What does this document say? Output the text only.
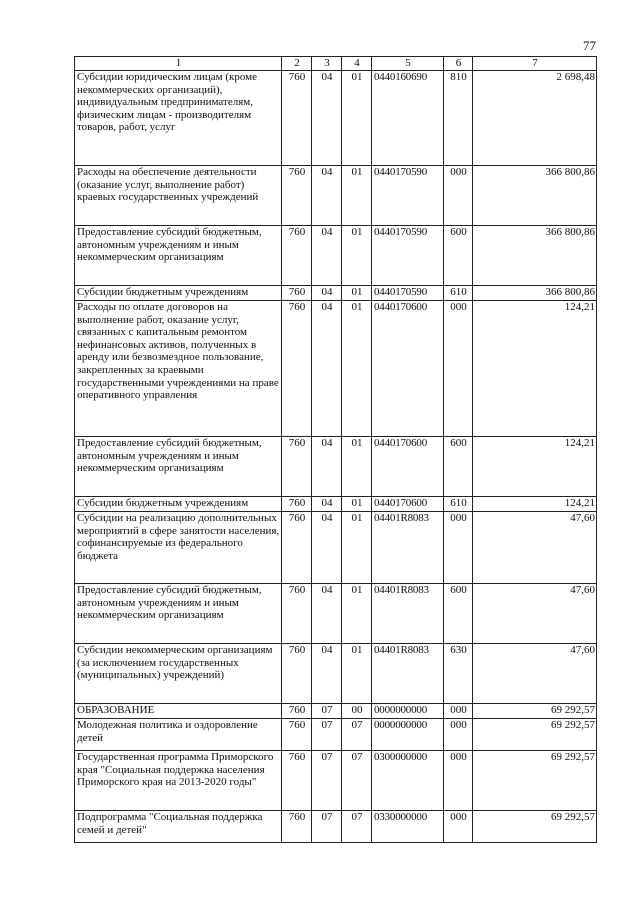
77
1	2	3	4	5	6	7
Субсидии юридическим лицам (кроме некоммерческих организаций), индивидуальным предпринимателям, физическим лицам - производителям товаров, работ, услуг	760	04	01	0440160690	810	2 698,48
Расходы на обеспечение деятельности (оказание услуг, выполнение работ) краевых государственных учреждений	760	04	01	0440170590	000	366 800,86
Предоставление субсидий бюджетным, автономным учреждениям и иным некоммерческим организациям	760	04	01	0440170590	600	366 800,86
Субсидии бюджетным учреждениям	760	04	01	0440170590	610	366 800,86
Расходы по оплате договоров на выполнение работ, оказание услуг, связанных с капитальным ремонтом нефинансовых активов, полученных в аренду или безвозмездное пользование, закрепленных за краевыми государственными учреждениями на праве оперативного управления	760	04	01	0440170600	000	124,21
Предоставление субсидий бюджетным, автономным учреждениям и иным некоммерческим организациям	760	04	01	0440170600	600	124,21
Субсидии бюджетным учреждениям	760	04	01	0440170600	610	124,21
Субсидии на реализацию дополнительных мероприятий в сфере занятости населения, софинансируемые из федерального бюджета	760	04	01	04401R8083	000	47,60
Предоставление субсидий бюджетным, автономным учреждениям и иным некоммерческим организациям	760	04	01	04401R8083	600	47,60
Субсидии некоммерческим организациям (за исключением государственных (муниципальных) учреждений)	760	04	01	04401R8083	630	47,60
ОБРАЗОВАНИЕ	760	07	00	0000000000	000	69 292,57
Молодежная политика и оздоровление детей	760	07	07	0000000000	000	69 292,57
Государственная программа Приморского края "Социальная поддержка населения Приморского края на 2013-2020 годы"	760	07	07	0300000000	000	69 292,57
Подпрограмма "Социальная поддержка семей и детей"	760	07	07	0330000000	000	69 292,57
